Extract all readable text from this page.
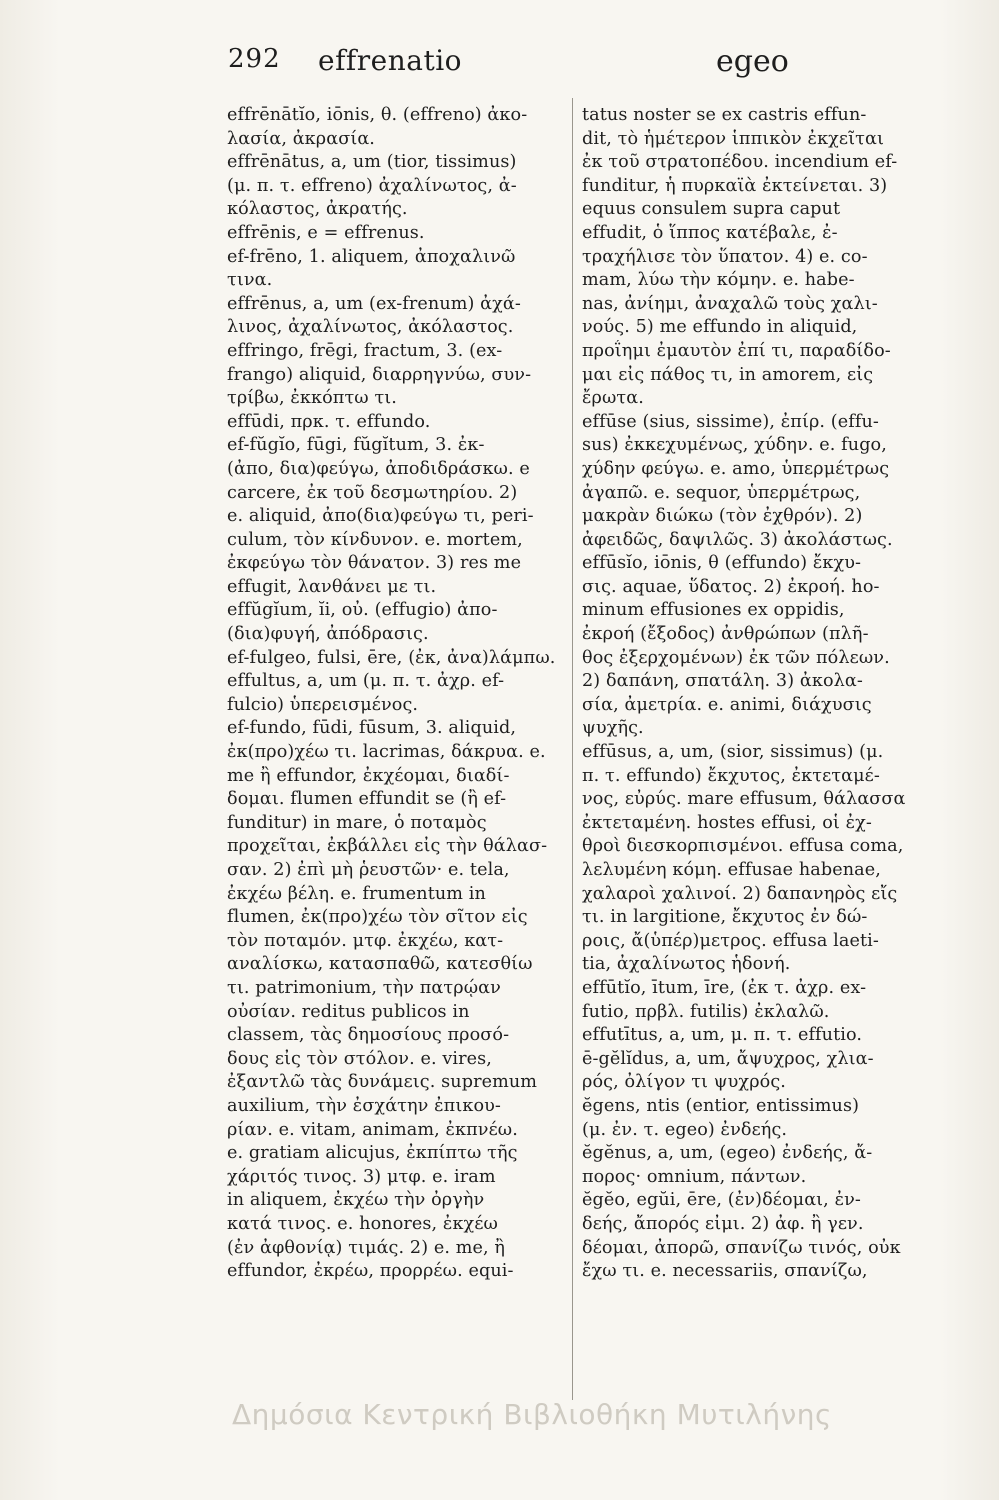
292 effrenatio	egeo
effrēnātĭo, iōnis, θ. (effreno) ἀκο-
λασία, ἀκρασία.
effrēnātus, a, um (tior, tissimus)
(μ. π. τ. effreno) ἀχαλίνωτος, ἀ-
κόλαστος, ἀκρατής.
effrēnis, e = effrenus.
ef-frēno, 1. aliquem, ἀποχαλινῶ
τινα.
effrēnus, a, um (ex-frenum) ἀχά-
λινος, ἀχαλίνωτος, ἀκόλαστος.
effringo, frēgi, fractum, 3. (ex-
frango) aliquid, διαρρηγνύω, συν-
τρίβω, ἐκκόπτω τι.
effūdi, πρκ. τ. effundo.
ef-fŭgĭo, fūgi, fŭgĭtum, 3. ἐκ-
(ἀπο, δια)φεύγω, ἀποδιδράσκω. e
carcere, ἐκ τοῦ δεσμωτηρίου. 2)
e. aliquid, ἀπο(δια)φεύγω τι, peri-
culum, τὸν κίνδυνον. e. mortem,
ἐκφεύγω τὸν θάνατον. 3) res me
effugit, λανθάνει με τι.
effŭgĭum, ĭi, οὐ. (effugio) ἀπο-
(δια)φυγή, ἀπόδρασις.
ef-fulgeo, fulsi, ēre, (ἐκ, ἀνα)λάμπω.
effultus, a, um (μ. π. τ. ἀχρ. ef-
fulcio) ὑπερεισμένος.
ef-fundo, fūdi, fūsum, 3. aliquid,
ἐκ(προ)χέω τι. lacrimas, δάκρυα. e.
me ἢ effundor, ἐκχέομαι, διαδί-
δομαι. flumen effundit se (ἢ ef-
funditur) in mare, ὁ ποταμὸς
προχεῖται, ἐκβάλλει εἰς τὴν θάλασ-
σαν. 2) ἐπὶ μὴ ῥευστῶν· e. tela,
ἐκχέω βέλη. e. frumentum in
flumen, ἐκ(προ)χέω τὸν σῖτον εἰς
τὸν ποταμόν. μτφ. ἐκχέω, κατ-
αναλίσκω, κατασπαθῶ, κατεσθίω
τι. patrimonium, τὴν πατρῴαν
οὐσίαν. reditus publicos in
classem, τὰς δημοσίους προσό-
δους εἰς τὸν στόλον. e. vires,
ἐξαντλῶ τὰς δυνάμεις. supremum
auxilium, τὴν ἐσχάτην ἐπικου-
ρίαν. e. vitam, animam, ἐκπνέω.
e. gratiam alicujus, ἐκπίπτω τῆς
χάριτός τινος. 3) μτφ. e. iram
in aliquem, ἐκχέω τὴν ὀργὴν
κατά τινος. e. honores, ἐκχέω
(ἐν ἀφθονίᾳ) τιμάς. 2) e. me, ἢ
effundor, ἐκρέω, προρρέω. equi-
tatus noster se ex castris effun-
dit, τὸ ἡμέτερον ἱππικὸν ἐκχεῖται
ἐκ τοῦ στρατοπέδου. incendium ef-
funditur, ἡ πυρκαϊὰ ἐκτείνεται. 3)
equus consulem supra caput
effudit, ὁ ἵππος κατέβαλε, ἐ-
τραχήλισε τὸν ὕπατον. 4) e. co-
mam, λύω τὴν κόμην. e. habe-
nas, ἀνίημι, ἀναχαλῶ τοὺς χαλι-
νούς. 5) me effundo in aliquid,
προΐημι ἐμαυτὸν ἐπί τι, παραδίδο-
μαι εἰς πάθος τι, in amorem, εἰς
ἔρωτα.
effūse (sius, sissime), ἐπίρ. (effu-
sus) ἐκκεχυμένως, χύδην. e. fugo,
χύδην φεύγω. e. amo, ὑπερμέτρως
ἀγαπῶ. e. sequor, ὑπερμέτρως,
μακρὰν διώκω (τὸν ἐχθρόν). 2)
ἀφειδῶς, δαψιλῶς. 3) ἀκολάστως.
effūsĭo, iōnis, θ (effundo) ἔκχυ-
σις. aquae, ὕδατος. 2) ἐκροή. ho-
minum effusiones ex oppidis,
ἐκροή (ἔξοδος) ἀνθρώπων (πλῆ-
θος ἐξερχομένων) ἐκ τῶν πόλεων.
2) δαπάνη, σπατάλη. 3) ἀκολα-
σία, ἀμετρία. e. animi, διάχυσις
ψυχῆς.
effūsus, a, um, (sior, sissimus) (μ.
π. τ. effundo) ἔκχυτος, ἐκτεταμέ-
νος, εὐρύς. mare effusum, θάλασσα
ἐκτεταμένη. hostes effusi, οἱ ἐχ-
θροὶ διεσκορπισμένοι. effusa coma,
λελυμένη κόμη. effusae habenae,
χαλαροὶ χαλινοί. 2) δαπανηρὸς εἴς
τι. in largitione, ἔκχυτος ἐν δώ-
ροις, ἄ(ὑπέρ)μετρος. effusa laeti-
tia, ἀχαλίνωτος ἡδονή.
effūtĭo, ītum, īre, (ἐκ τ. ἀχρ. ex-
futio, πρβλ. futilis) ἐκλαλῶ.
effutītus, a, um, μ. π. τ. effutio.
ē-gĕlĭdus, a, um, ἄψυχρος, χλια-
ρός, ὀλίγον τι ψυχρός.
ĕgens, ntis (entior, entissimus)
(μ. ἐν. τ. egeo) ἐνδεής.
ĕgĕnus, a, um, (egeo) ἐνδεής, ἄ-
πορος· omnium, πάντων.
ĕgĕo, egŭi, ēre, (ἐν)δέομαι, ἐν-
δεής, ἄπορός εἰμι. 2) ἀφ. ἢ γεν.
δέομαι, ἀπορῶ, σπανίζω τινός, οὐκ
ἔχω τι. e. necessariis, σπανίζω,
Δημόσια Κεντρική Βιβλιοθήκη Μυτιλήνης
